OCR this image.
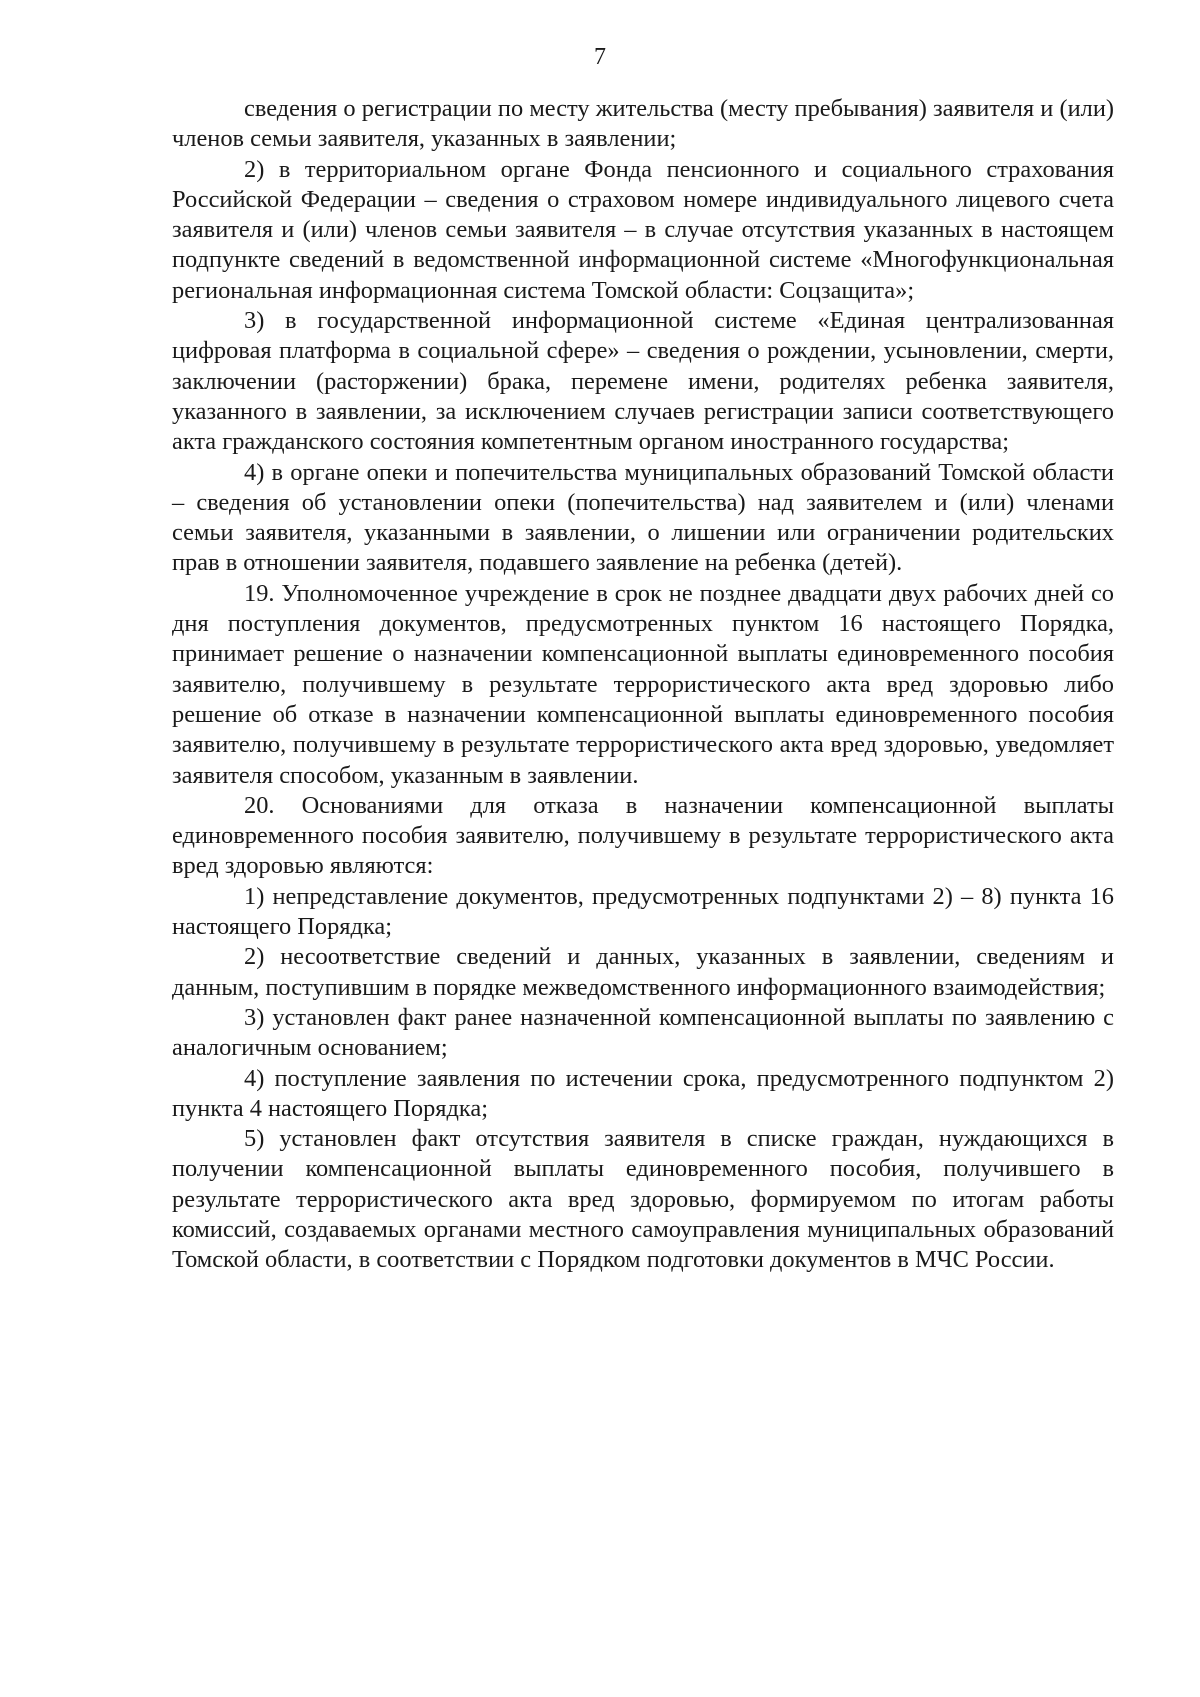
7

сведения о регистрации по месту жительства (месту пребывания) заявителя и (или) членов семьи заявителя, указанных в заявлении;

2) в территориальном органе Фонда пенсионного и социального страхования Российской Федерации – сведения о страховом номере индивидуального лицевого счета заявителя и (или) членов семьи заявителя – в случае отсутствия указанных в настоящем подпункте сведений в ведомственной информационной системе «Многофункциональная региональная информационная система Томской области: Соцзащита»;

3) в государственной информационной системе «Единая централизованная цифровая платформа в социальной сфере» – сведения о рождении, усыновлении, смерти, заключении (расторжении) брака, перемене имени, родителях ребенка заявителя, указанного в заявлении, за исключением случаев регистрации записи соответствующего акта гражданского состояния компетентным органом иностранного государства;

4) в органе опеки и попечительства муниципальных образований Томской области – сведения об установлении опеки (попечительства) над заявителем и (или) членами семьи заявителя, указанными в заявлении, о лишении или ограничении родительских прав в отношении заявителя, подавшего заявление на ребенка (детей).

19. Уполномоченное учреждение в срок не позднее двадцати двух рабочих дней со дня поступления документов, предусмотренных пунктом 16 настоящего Порядка, принимает решение о назначении компенсационной выплаты единовременного пособия заявителю, получившему в результате террористического акта вред здоровью либо решение об отказе в назначении компенсационной выплаты единовременного пособия заявителю, получившему в результате террористического акта вред здоровью, уведомляет заявителя способом, указанным в заявлении.

20. Основаниями для отказа в назначении компенсационной выплаты единовременного пособия заявителю, получившему в результате террористического акта вред здоровью являются:

1) непредставление документов, предусмотренных подпунктами 2) – 8) пункта 16 настоящего Порядка;

2) несоответствие сведений и данных, указанных в заявлении, сведениям и данным, поступившим в порядке межведомственного информационного взаимодействия;

3) установлен факт ранее назначенной компенсационной выплаты по заявлению с аналогичным основанием;

4) поступление заявления по истечении срока, предусмотренного подпунктом 2) пункта 4 настоящего Порядка;

5) установлен факт отсутствия заявителя в списке граждан, нуждающихся в получении компенсационной выплаты единовременного пособия, получившего в результате террористического акта вред здоровью, формируемом по итогам работы комиссий, создаваемых органами местного самоуправления муниципальных образований Томской области, в соответствии с Порядком подготовки документов в МЧС России.
